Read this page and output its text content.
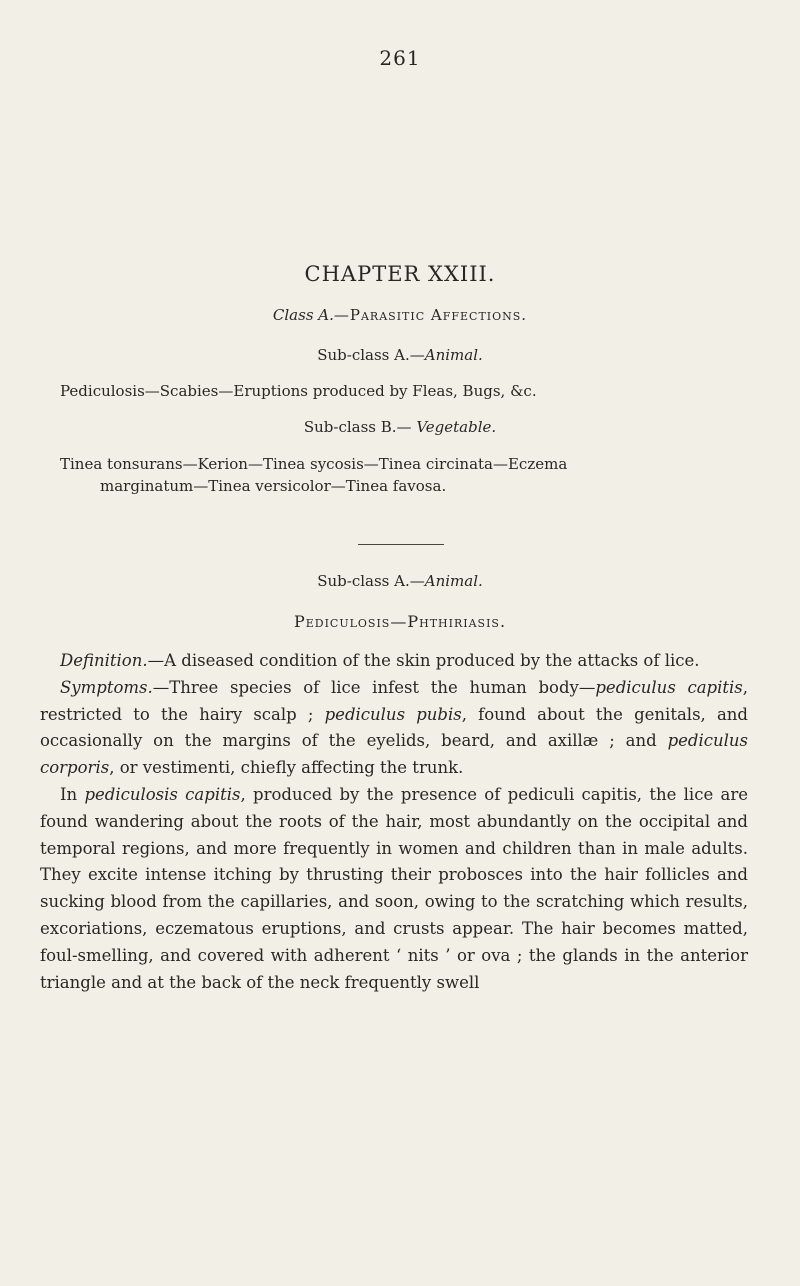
261
CHAPTER XXIII.
Class A.—Parasitic Affections.
Sub-class A.—Animal.
Pediculosis—Scabies—Eruptions produced by Fleas, Bugs, &c.
Sub-class B.— Vegetable.
Tinea tonsurans—Kerion—Tinea sycosis—Tinea circinata—Eczema
marginatum—Tinea versicolor—Tinea favosa.
Sub-class A.—Animal.
Pediculosis—Phthiriasis.

Definition.—A diseased condition of the skin produced by the attacks of lice.

Symptoms.—Three species of lice infest the human body—pediculus capitis, restricted to the hairy scalp ; pediculus pubis, found about the genitals, and occasionally on the margins of the eyelids, beard, and axillæ ; and pediculus corporis, or vestimenti, chiefly affecting the trunk.

In pediculosis capitis, produced by the presence of pediculi capitis, the lice are found wandering about the roots of the hair, most abundantly on the occipital and temporal regions, and more frequently in women and children than in male adults. They excite intense itching by thrusting their probosces into the hair follicles and sucking blood from the capillaries, and soon, owing to the scratching which results, excoriations, eczematous eruptions, and crusts appear. The hair becomes matted, foul-smelling, and covered with adherent ‘ nits ’ or ova ; the glands in the anterior triangle and at the back of the neck frequently swell
